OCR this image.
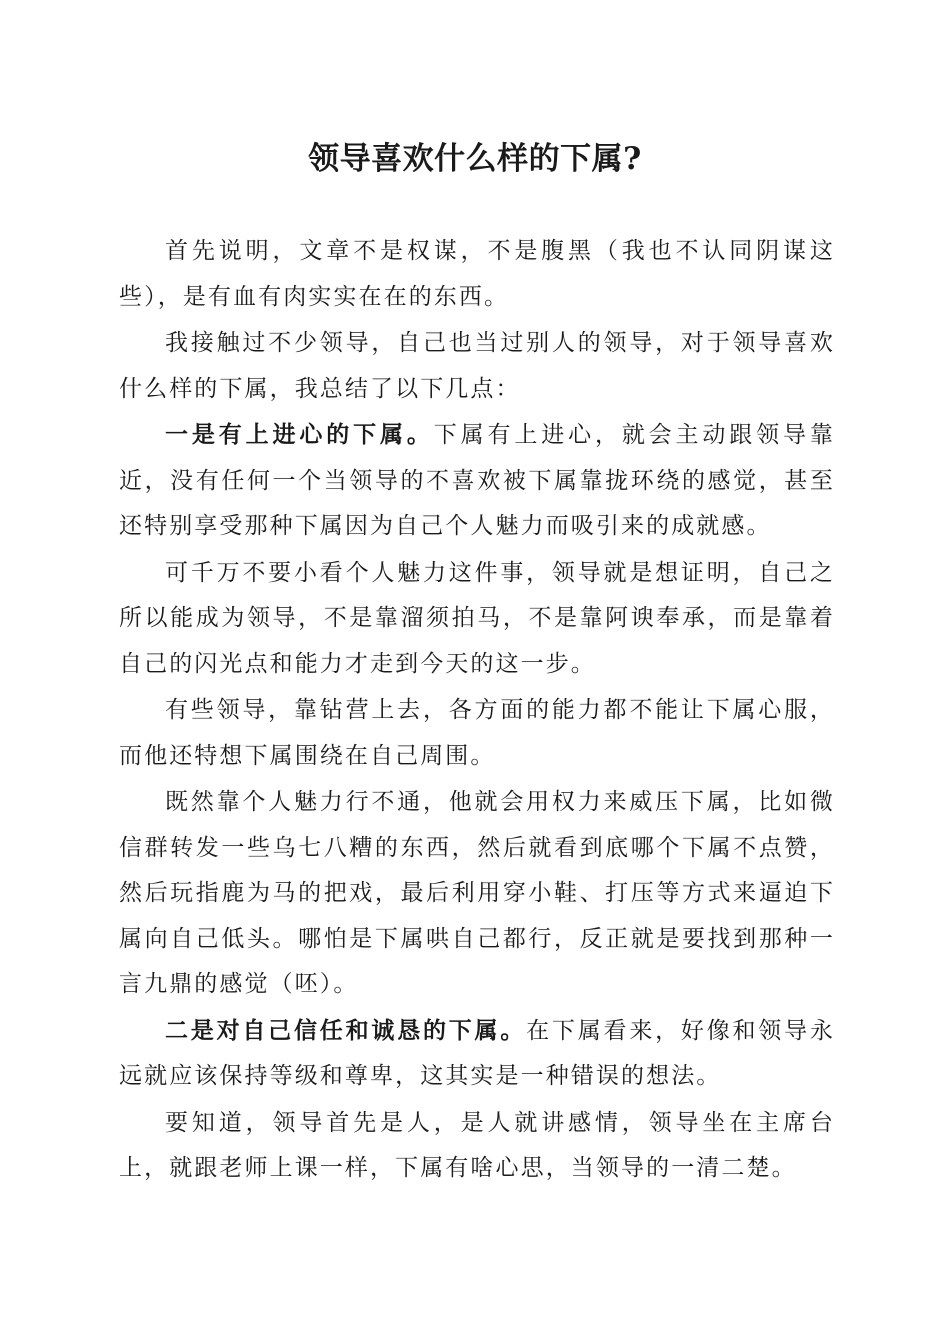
领导喜欢什么样的下属?

首先说明，文章不是权谋，不是腹黑（我也不认同阴谋这些），是有血有肉实实在在的东西。

我接触过不少领导，自己也当过别人的领导，对于领导喜欢什么样的下属，我总结了以下几点：

一是有上进心的下属。下属有上进心，就会主动跟领导靠近，没有任何一个当领导的不喜欢被下属靠拢环绕的感觉，甚至还特别享受那种下属因为自己个人魅力而吸引来的成就感。

可千万不要小看个人魅力这件事，领导就是想证明，自己之所以能成为领导，不是靠溜须拍马，不是靠阿谀奉承，而是靠着自己的闪光点和能力才走到今天的这一步。

有些领导，靠钻营上去，各方面的能力都不能让下属心服，而他还特想下属围绕在自己周围。

既然靠个人魅力行不通，他就会用权力来威压下属，比如微信群转发一些乌七八糟的东西，然后就看到底哪个下属不点赞，然后玩指鹿为马的把戏，最后利用穿小鞋、打压等方式来逼迫下属向自己低头。哪怕是下属哄自己都行，反正就是要找到那种一言九鼎的感觉（呸）。

二是对自己信任和诚恳的下属。在下属看来，好像和领导永远就应该保持等级和尊卑，这其实是一种错误的想法。

要知道，领导首先是人，是人就讲感情，领导坐在主席台上，就跟老师上课一样，下属有啥心思，当领导的一清二楚。
